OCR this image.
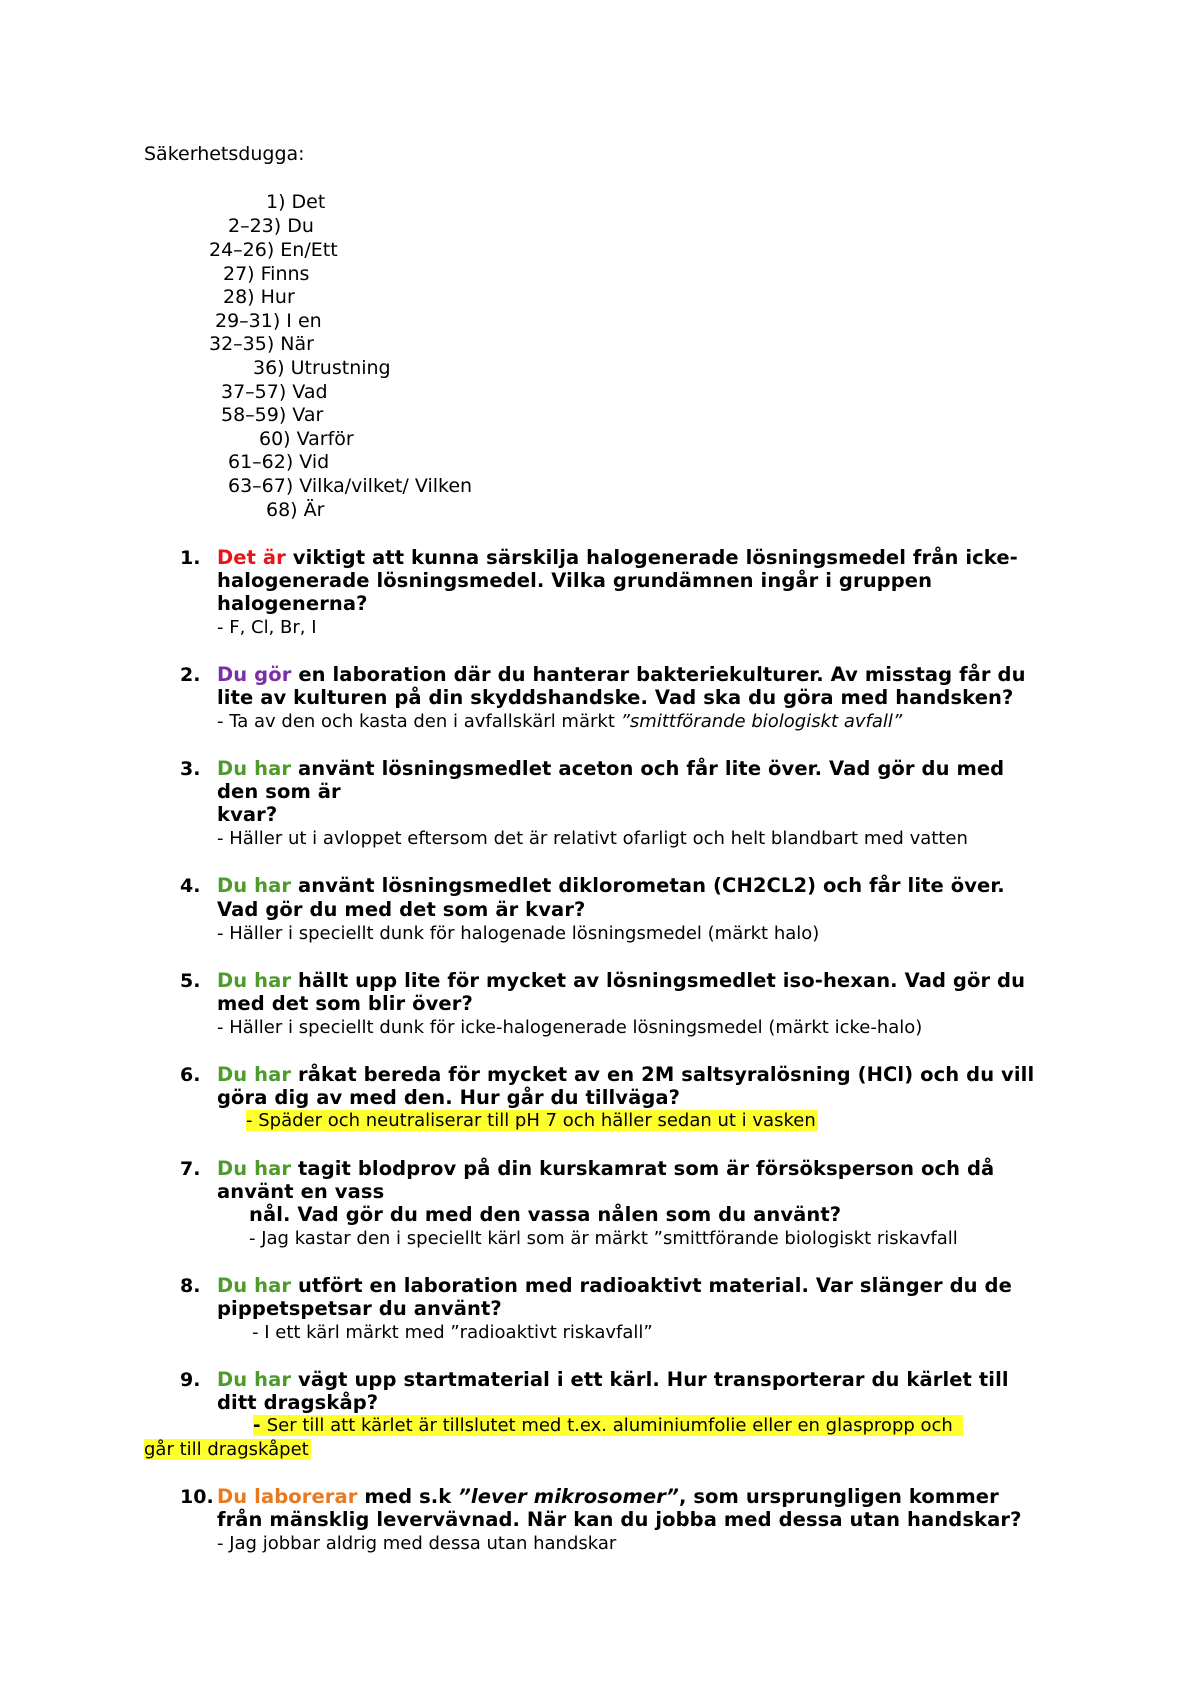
Säkerhetsdugga:
1) Det
2–23) Du
24–26) En/Ett
27) Finns
28) Hur
29–31) I en
32–35) När
36) Utrustning
37–57) Vad
58–59) Var
60) Varför
61–62) Vid
63–67) Vilka/vilket/ Vilken
68) Är
1. Det är viktigt att kunna särskilja halogenerade lösningsmedel från icke-
halogenerade lösningsmedel. Vilka grundämnen ingår i gruppen
halogenerna?
- F, Cl, Br, I
2. Du gör en laboration där du hanterar bakteriekulturer. Av misstag får du
lite av kulturen på din skyddshandske. Vad ska du göra med handsken?
- Ta av den och kasta den i avfallskärl märkt ”smittförande biologiskt avfall”
3. Du har använt lösningsmedlet aceton och får lite över. Vad gör du med
den som är
kvar?
- Häller ut i avloppet eftersom det är relativt ofarligt och helt blandbart med vatten
4. Du har använt lösningsmedlet diklorometan (CH2CL2) och får lite över.
Vad gör du med det som är kvar?
- Häller i speciellt dunk för halogenade lösningsmedel (märkt halo)
5. Du har hällt upp lite för mycket av lösningsmedlet iso-hexan. Vad gör du
med det som blir över?
- Häller i speciellt dunk för icke-halogenerade lösningsmedel (märkt icke-halo)
6. Du har råkat bereda för mycket av en 2M saltsyralösning (HCl) och du vill
göra dig av med den. Hur går du tillväga?
- Späder och neutraliserar till pH 7 och häller sedan ut i vasken
7. Du har tagit blodprov på din kurskamrat som är försöksperson och då
använt en vass
nål. Vad gör du med den vassa nålen som du använt?
- Jag kastar den i speciellt kärl som är märkt ”smittförande biologiskt riskavfall
8. Du har utfört en laboration med radioaktivt material. Var slänger du de
pippetspetsar du använt?
- I ett kärl märkt med ”radioaktivt riskavfall”
9. Du har vägt upp startmaterial i ett kärl. Hur transporterar du kärlet till
ditt dragskåp?
- Ser till att kärlet är tillslutet med t.ex. aluminiumfolie eller en glaspropp och
går till dragskåpet
10. Du laborerar med s.k ”lever mikrosomer”, som ursprungligen kommer
från mänsklig levervävnad. När kan du jobba med dessa utan handskar?
- Jag jobbar aldrig med dessa utan handskar
